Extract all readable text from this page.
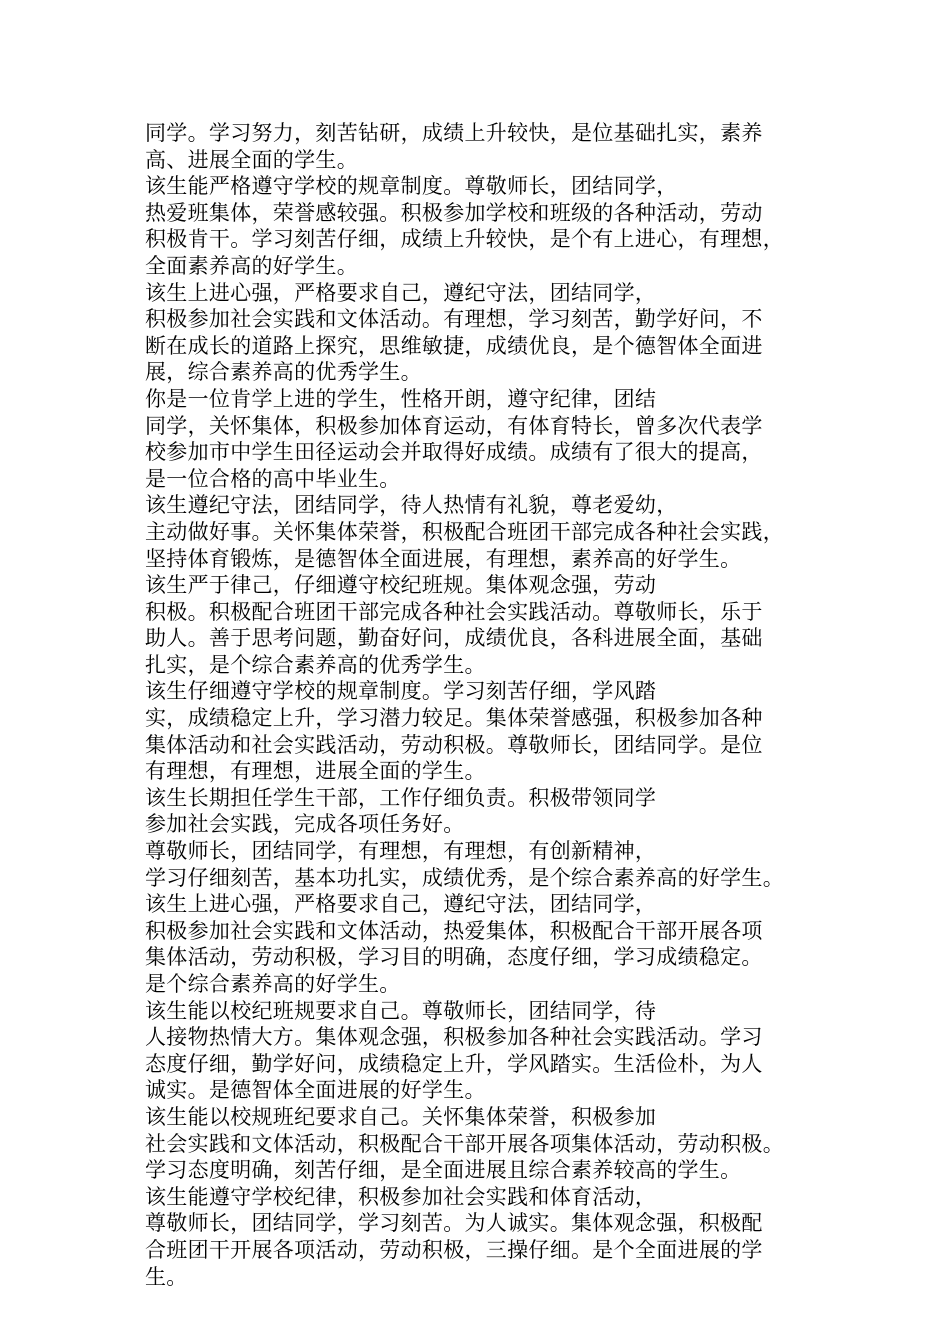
同学。学习努力，刻苦钻研，成绩上升较快，是位基础扎实，素养
高、进展全面的学生。

该生能严格遵守学校的规章制度。尊敬师长，团结同学，
热爱班集体，荣誉感较强。积极参加学校和班级的各种活动，劳动
积极肯干。学习刻苦仔细，成绩上升较快，是个有上进心，有理想，
全面素养高的好学生。

该生上进心强，严格要求自己，遵纪守法，团结同学，
积极参加社会实践和文体活动。有理想，学习刻苦，勤学好问，不
断在成长的道路上探究，思维敏捷，成绩优良，是个德智体全面进
展，综合素养高的优秀学生。

你是一位肯学上进的学生，性格开朗，遵守纪律，团结
同学，关怀集体，积极参加体育运动，有体育特长，曾多次代表学
校参加市中学生田径运动会并取得好成绩。成绩有了很大的提高，
是一位合格的高中毕业生。

该生遵纪守法，团结同学，待人热情有礼貌，尊老爱幼，
主动做好事。关怀集体荣誉，积极配合班团干部完成各种社会实践，
坚持体育锻炼，是德智体全面进展，有理想，素养高的好学生。

该生严于律己，仔细遵守校纪班规。集体观念强，劳动
积极。积极配合班团干部完成各种社会实践活动。尊敬师长，乐于
助人。善于思考问题，勤奋好问，成绩优良，各科进展全面，基础
扎实，是个综合素养高的优秀学生。

该生仔细遵守学校的规章制度。学习刻苦仔细，学风踏
实，成绩稳定上升，学习潜力较足。集体荣誉感强，积极参加各种
集体活动和社会实践活动，劳动积极。尊敬师长，团结同学。是位
有理想，有理想，进展全面的学生。

该生长期担任学生干部，工作仔细负责。积极带领同学
参加社会实践，完成各项任务好。

尊敬师长，团结同学，有理想，有理想，有创新精神，
学习仔细刻苦，基本功扎实，成绩优秀，是个综合素养高的好学生。

该生上进心强，严格要求自己，遵纪守法，团结同学，
积极参加社会实践和文体活动，热爱集体，积极配合干部开展各项
集体活动，劳动积极，学习目的明确，态度仔细，学习成绩稳定。
是个综合素养高的好学生。

该生能以校纪班规要求自己。尊敬师长，团结同学，待
人接物热情大方。集体观念强，积极参加各种社会实践活动。学习
态度仔细，勤学好问，成绩稳定上升，学风踏实。生活俭朴，为人
诚实。是德智体全面进展的好学生。

该生能以校规班纪要求自己。关怀集体荣誉，积极参加
社会实践和文体活动，积极配合干部开展各项集体活动，劳动积极。
学习态度明确，刻苦仔细，是全面进展且综合素养较高的学生。

该生能遵守学校纪律，积极参加社会实践和体育活动，
尊敬师长，团结同学，学习刻苦。为人诚实。集体观念强，积极配
合班团干开展各项活动，劳动积极，三操仔细。是个全面进展的学
生。
